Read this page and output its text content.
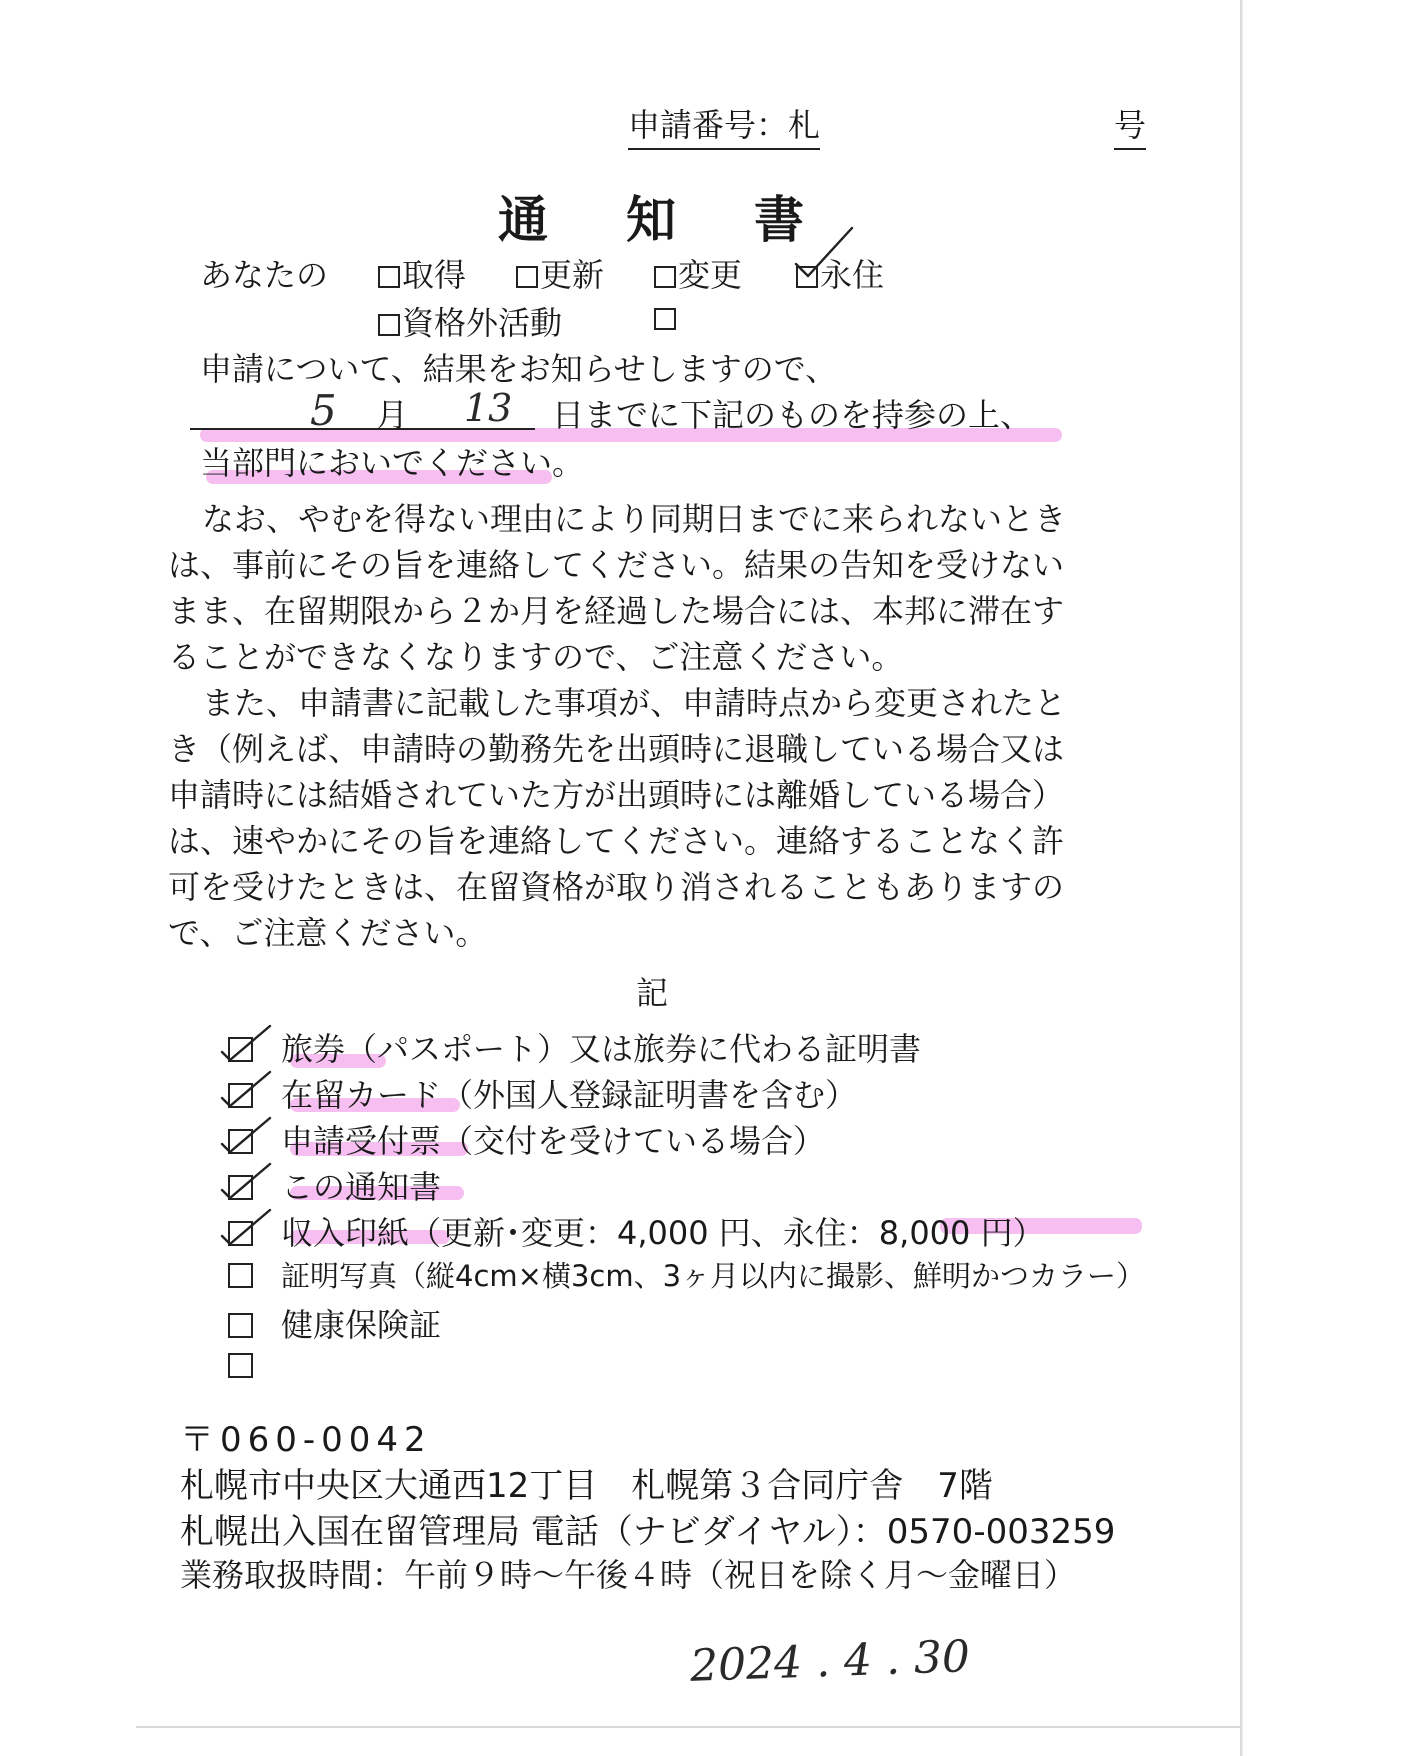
申請番号：札	号
通知書
あなたの	取得	更新	変更	永住
資格外活動
申請について、結果をお知らせしますので、
5 月 13 日までに下記のものを持参の上、
当部門においでください。
なお、やむを得ない理由により同期日までに来られないとき
は、事前にその旨を連絡してください。結果の告知を受けない
まま、在留期限から２か月を経過した場合には、本邦に滞在す
ることができなくなりますので、ご注意ください。
また、申請書に記載した事項が、申請時点から変更されたと
き（例えば、申請時の勤務先を出頭時に退職している場合又は
申請時には結婚されていた方が出頭時には離婚している場合）
は、速やかにその旨を連絡してください。連絡することなく許
可を受けたときは、在留資格が取り消されることもありますの
で、ご注意ください。
記
旅券（パスポート）又は旅券に代わる証明書
在留カード（外国人登録証明書を含む）
申請受付票（交付を受けている場合）
この通知書
収入印紙（更新･変更：4,000 円、永住：8,000 円）
証明写真（縦4cm×横3cm、3ヶ月以内に撮影、鮮明かつカラー）
健康保険証
〒060-0042
札幌市中央区大通西12丁目　札幌第３合同庁舎　7階
札幌出入国在留管理局 電話（ナビダイヤル）：0570-003259
業務取扱時間：午前９時～午後４時（祝日を除く月～金曜日）
2024 . 4 . 30
